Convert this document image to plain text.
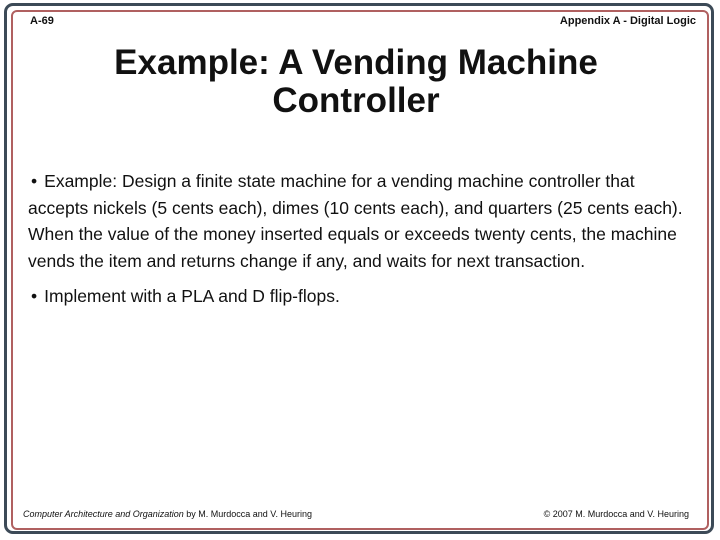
A-69	Appendix A - Digital Logic
Example: A Vending Machine
Controller
• Example: Design a finite state machine for a vending machine controller that accepts nickels (5 cents each), dimes (10 cents each), and quarters (25 cents each). When the value of the money inserted equals or exceeds twenty cents, the machine vends the item and returns change if any, and waits for next transaction.
• Implement with a PLA and D flip-flops.
Computer Architecture and Organization by M. Murdocca and V. Heuring	© 2007 M. Murdocca and V. Heuring
